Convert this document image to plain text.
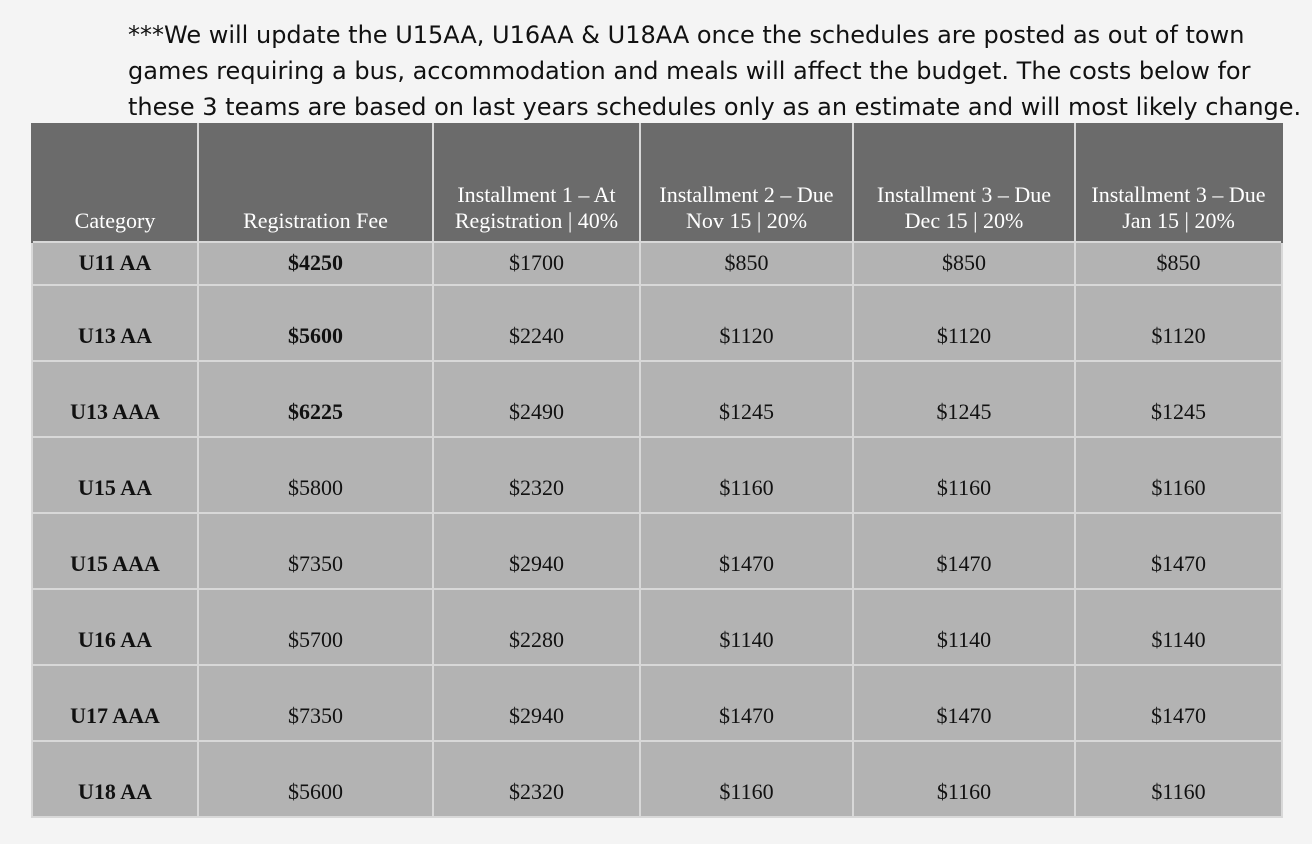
***We will update the U15AA, U16AA & U18AA once the schedules are posted as out of town
games requiring a bus, accommodation and meals will affect the budget. The costs below for
these 3 teams are based on last years schedules only as an estimate and will most likely change.

Category	Registration Fee	Installment 1 – At Registration | 40%	Installment 2 – Due Nov 15 | 20%	Installment 3 – Due Dec 15 | 20%	Installment 3 – Due Jan 15 | 20%
U11 AA	$4250	$1700	$850	$850	$850
U13 AA	$5600	$2240	$1120	$1120	$1120
U13 AAA	$6225	$2490	$1245	$1245	$1245
U15 AA	$5800	$2320	$1160	$1160	$1160
U15 AAA	$7350	$2940	$1470	$1470	$1470
U16 AA	$5700	$2280	$1140	$1140	$1140
U17 AAA	$7350	$2940	$1470	$1470	$1470
U18 AA	$5600	$2320	$1160	$1160	$1160
